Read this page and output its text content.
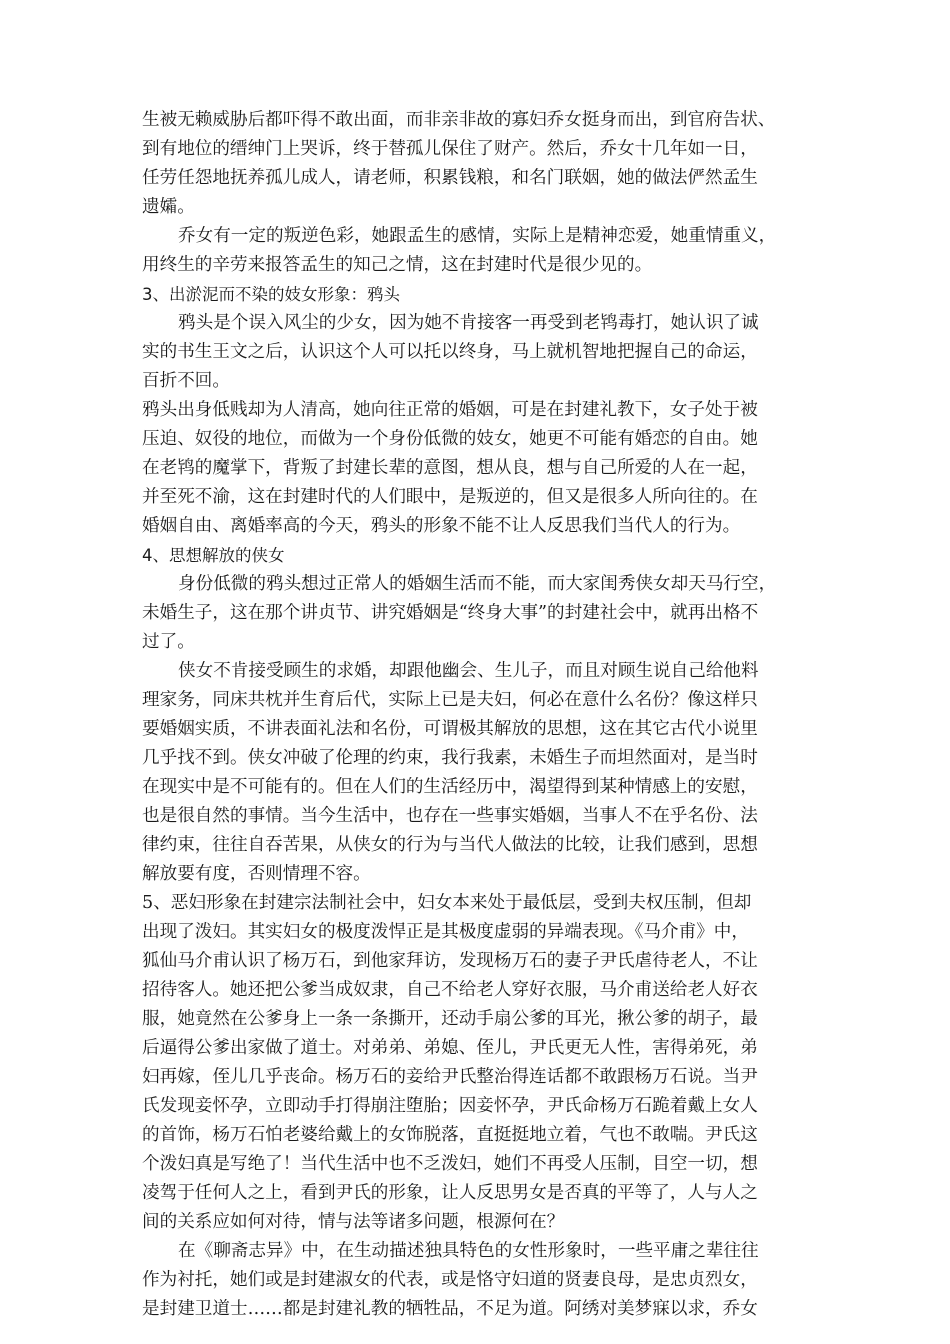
生被无赖威胁后都吓得不敢出面，而非亲非故的寡妇乔女挺身而出，到官府告状、
到有地位的缙绅门上哭诉，终于替孤儿保住了财产。然后，乔女十几年如一日，
任劳任怨地抚养孤儿成人，请老师，积累钱粮，和名门联姻，她的做法俨然孟生
遗孀。
乔女有一定的叛逆色彩，她跟孟生的感情，实际上是精神恋爱，她重情重义，
用终生的辛劳来报答孟生的知己之情，这在封建时代是很少见的。
3、出淤泥而不染的妓女形象：鸦头
鸦头是个误入风尘的少女，因为她不肯接客一再受到老鸨毒打，她认识了诚
实的书生王文之后，认识这个人可以托以终身，马上就机智地把握自己的命运，
百折不回。
鸦头出身低贱却为人清高，她向往正常的婚姻，可是在封建礼教下，女子处于被
压迫、奴役的地位，而做为一个身份低微的妓女，她更不可能有婚恋的自由。她
在老鸨的魔掌下，背叛了封建长辈的意图，想从良，想与自己所爱的人在一起，
并至死不渝，这在封建时代的人们眼中，是叛逆的，但又是很多人所向往的。在
婚姻自由、离婚率高的今天，鸦头的形象不能不让人反思我们当代人的行为。
4、思想解放的侠女
身份低微的鸦头想过正常人的婚姻生活而不能，而大家闺秀侠女却天马行空，
未婚生子，这在那个讲贞节、讲究婚姻是“终身大事”的封建社会中，就再出格不
过了。
侠女不肯接受顾生的求婚，却跟他幽会、生儿子，而且对顾生说自己给他料
理家务，同床共枕并生育后代，实际上已是夫妇，何必在意什么名份？像这样只
要婚姻实质，不讲表面礼法和名份，可谓极其解放的思想，这在其它古代小说里
几乎找不到。侠女冲破了伦理的约束，我行我素，未婚生子而坦然面对，是当时
在现实中是不可能有的。但在人们的生活经历中，渴望得到某种情感上的安慰，
也是很自然的事情。当今生活中，也存在一些事实婚姻，当事人不在乎名份、法
律约束，往往自吞苦果，从侠女的行为与当代人做法的比较，让我们感到，思想
解放要有度，否则情理不容。
5、恶妇形象在封建宗法制社会中，妇女本来处于最低层，受到夫权压制，但却
出现了泼妇。其实妇女的极度泼悍正是其极度虚弱的异端表现。《马介甫》中，
狐仙马介甫认识了杨万石，到他家拜访，发现杨万石的妻子尹氏虐待老人，不让
招待客人。她还把公爹当成奴隶，自己不给老人穿好衣服，马介甫送给老人好衣
服，她竟然在公爹身上一条一条撕开，还动手扇公爹的耳光，揪公爹的胡子，最
后逼得公爹出家做了道士。对弟弟、弟媳、侄儿，尹氏更无人性，害得弟死，弟
妇再嫁，侄儿几乎丧命。杨万石的妾给尹氏整治得连话都不敢跟杨万石说。当尹
氏发现妾怀孕，立即动手打得崩注堕胎；因妾怀孕，尹氏命杨万石跪着戴上女人
的首饰，杨万石怕老婆给戴上的女饰脱落，直挺挺地立着，气也不敢喘。尹氏这
个泼妇真是写绝了！当代生活中也不乏泼妇，她们不再受人压制，目空一切，想
凌驾于任何人之上，看到尹氏的形象，让人反思男女是否真的平等了，人与人之
间的关系应如何对待，情与法等诸多问题，根源何在？
在《聊斋志异》中，在生动描述独具特色的女性形象时，一些平庸之辈往往
作为衬托，她们或是封建淑女的代表，或是恪守妇道的贤妻良母，是忠贞烈女，
是封建卫道士……都是封建礼教的牺牲品，不足为道。阿绣对美梦寐以求，乔女
